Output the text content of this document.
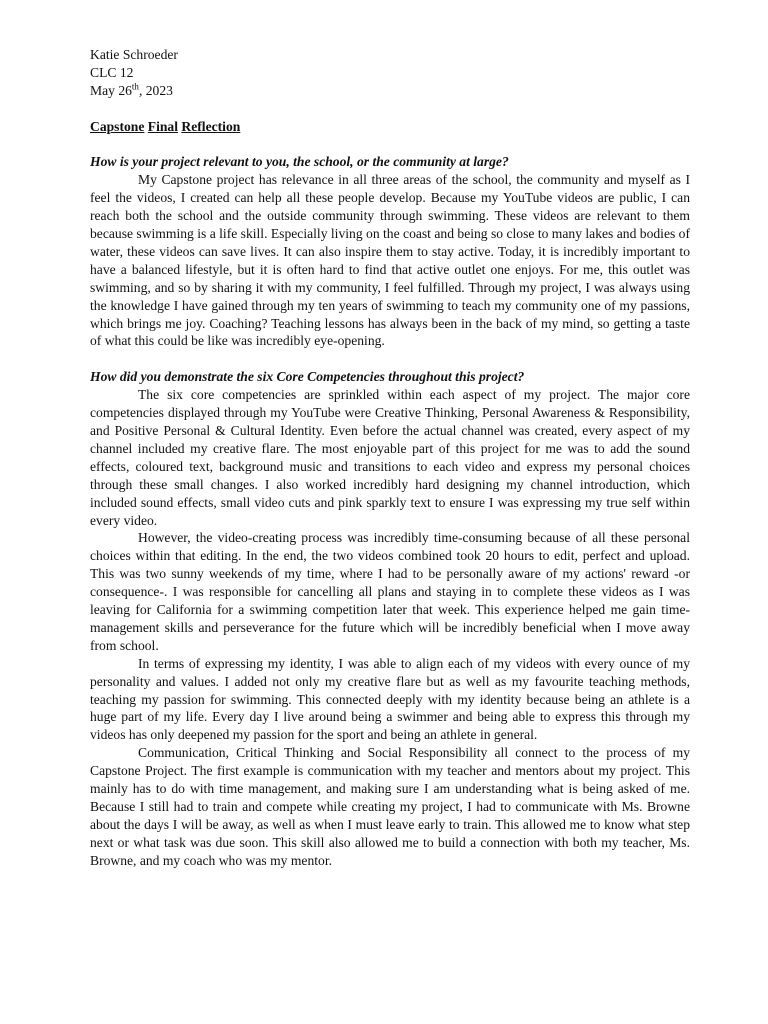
Katie Schroeder

CLC 12

May 26th, 2023

Capstone Final Reflection

How is your project relevant to you, the school, or the community at large?

My Capstone project has relevance in all three areas of the school, the community and myself as I feel the videos, I created can help all these people develop. Because my YouTube videos are public, I can reach both the school and the outside community through swimming. These videos are relevant to them because swimming is a life skill. Especially living on the coast and being so close to many lakes and bodies of water, these videos can save lives. It can also inspire them to stay active. Today, it is incredibly important to have a balanced lifestyle, but it is often hard to find that active outlet one enjoys. For me, this outlet was swimming, and so by sharing it with my community, I feel fulfilled. Through my project, I was always using the knowledge I have gained through my ten years of swimming to teach my community one of my passions, which brings me joy. Coaching? Teaching lessons has always been in the back of my mind, so getting a taste of what this could be like was incredibly eye-opening.

How did you demonstrate the six Core Competencies throughout this project?

The six core competencies are sprinkled within each aspect of my project. The major core competencies displayed through my YouTube were Creative Thinking, Personal Awareness & Responsibility, and Positive Personal & Cultural Identity. Even before the actual channel was created, every aspect of my channel included my creative flare. The most enjoyable part of this project for me was to add the sound effects, coloured text, background music and transitions to each video and express my personal choices through these small changes. I also worked incredibly hard designing my channel introduction, which included sound effects, small video cuts and pink sparkly text to ensure I was expressing my true self within every video.

However, the video-creating process was incredibly time-consuming because of all these personal choices within that editing. In the end, the two videos combined took 20 hours to edit, perfect and upload. This was two sunny weekends of my time, where I had to be personally aware of my actions' reward -or consequence-. I was responsible for cancelling all plans and staying in to complete these videos as I was leaving for California for a swimming competition later that week. This experience helped me gain time-management skills and perseverance for the future which will be incredibly beneficial when I move away from school.

In terms of expressing my identity, I was able to align each of my videos with every ounce of my personality and values. I added not only my creative flare but as well as my favourite teaching methods, teaching my passion for swimming. This connected deeply with my identity because being an athlete is a huge part of my life. Every day I live around being a swimmer and being able to express this through my videos has only deepened my passion for the sport and being an athlete in general.

Communication, Critical Thinking and Social Responsibility all connect to the process of my Capstone Project. The first example is communication with my teacher and mentors about my project. This mainly has to do with time management, and making sure I am understanding what is being asked of me. Because I still had to train and compete while creating my project, I had to communicate with Ms. Browne about the days I will be away, as well as when I must leave early to train. This allowed me to know what step next or what task was due soon. This skill also allowed me to build a connection with both my teacher, Ms. Browne, and my coach who was my mentor.
